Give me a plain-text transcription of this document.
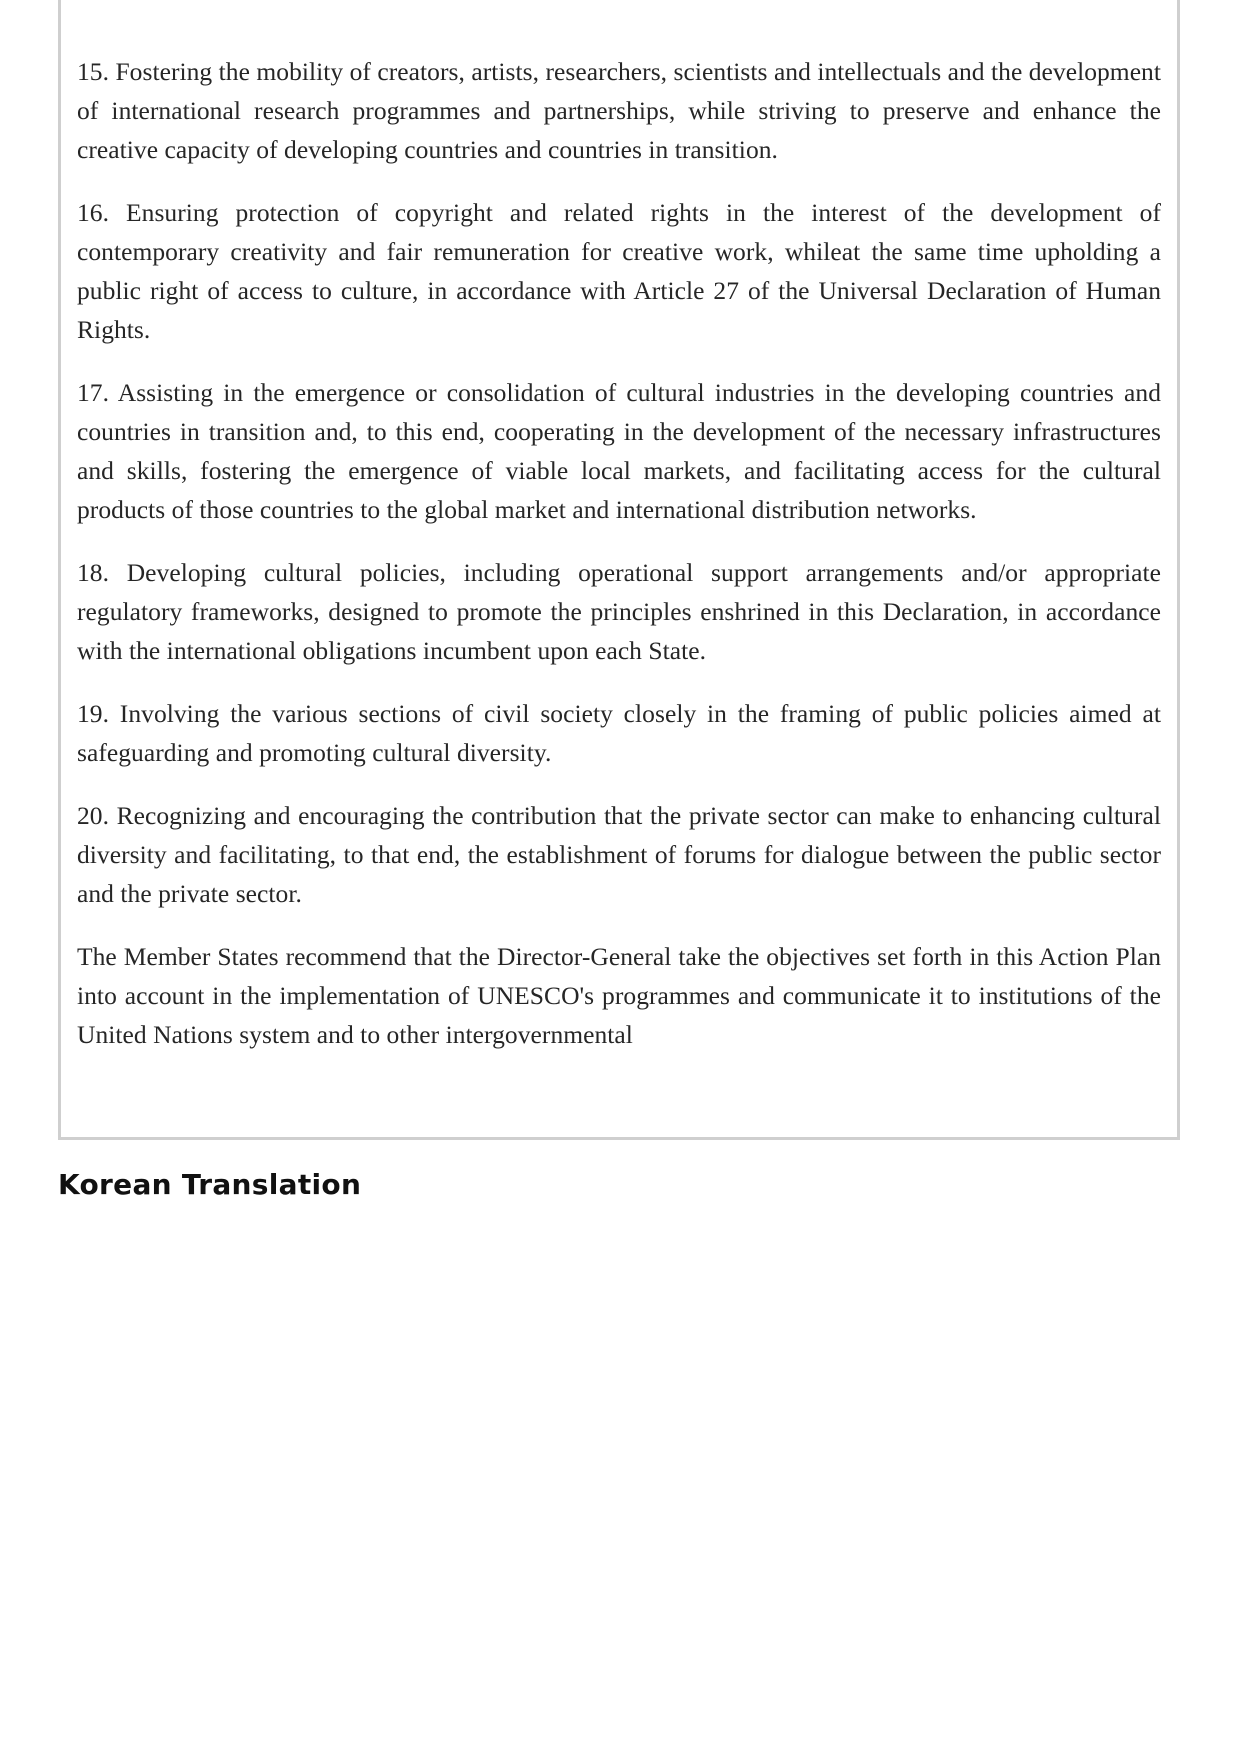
15. Fostering the mobility of creators, artists, researchers, scientists and intellectuals and the development of international research programmes and partnerships, while striving to preserve and enhance the creative capacity of developing countries and countries in transition.

16. Ensuring protection of copyright and related rights in the interest of the development of contemporary creativity and fair remuneration for creative work, whileat the same time upholding a public right of access to culture, in accordance with Article 27 of the Universal Declaration of Human Rights.

17. Assisting in the emergence or consolidation of cultural industries in the developing countries and countries in transition and, to this end, cooperating in the development of the necessary infrastructures and skills, fostering the emergence of viable local markets, and facilitating access for the cultural products of those countries to the global market and international distribution networks.

18. Developing cultural policies, including operational support arrangements and/or appropriate regulatory frameworks, designed to promote the principles enshrined in this Declaration, in accordance with the international obligations incumbent upon each State.

19. Involving the various sections of civil society closely in the framing of public policies aimed at safeguarding and promoting cultural diversity.

20. Recognizing and encouraging the contribution that the private sector can make to enhancing cultural diversity and facilitating, to that end, the establishment of forums for dialogue between the public sector and the private sector.

The Member States recommend that the Director-General take the objectives set forth in this Action Plan into account in the implementation of UNESCO's programmes and communicate it to institutions of the United Nations system and to other intergovernmental

Korean Translation
